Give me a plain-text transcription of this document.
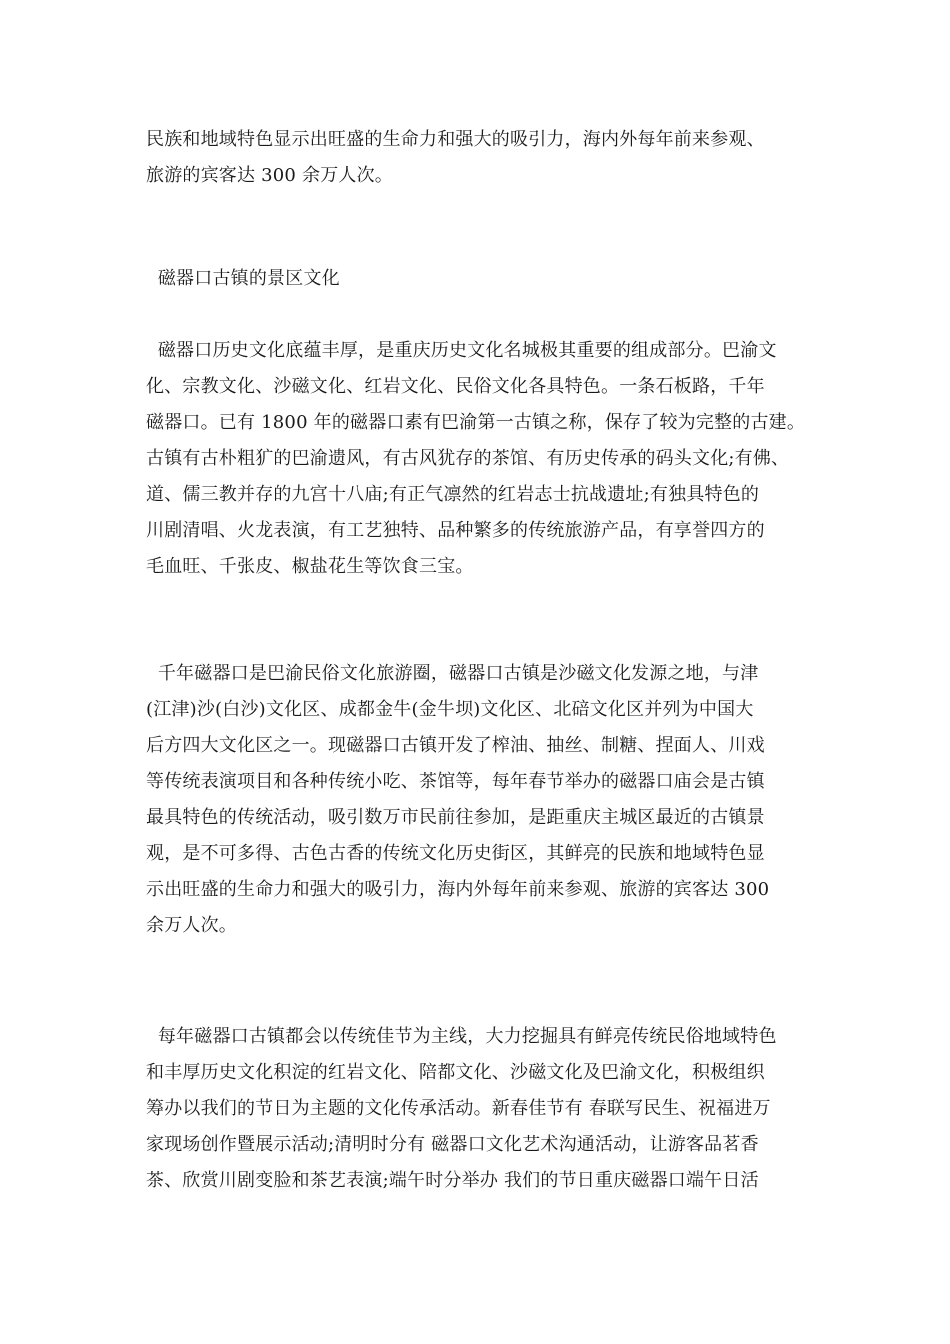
民族和地域特色显示出旺盛的生命力和强大的吸引力，海内外每年前来参观、
旅游的宾客达 300 余万人次。
磁器口古镇的景区文化
磁器口历史文化底蕴丰厚，是重庆历史文化名城极其重要的组成部分。巴渝文
化、宗教文化、沙磁文化、红岩文化、民俗文化各具特色。一条石板路，千年
磁器口。已有 1800 年的磁器口素有巴渝第一古镇之称，保存了较为完整的古建。
古镇有古朴粗犷的巴渝遗风，有古风犹存的茶馆、有历史传承的码头文化;有佛、
道、儒三教并存的九宫十八庙;有正气凛然的红岩志士抗战遗址;有独具特色的
川剧清唱、火龙表演，有工艺独特、品种繁多的传统旅游产品，有享誉四方的
毛血旺、千张皮、椒盐花生等饮食三宝。
千年磁器口是巴渝民俗文化旅游圈，磁器口古镇是沙磁文化发源之地，与津
(江津)沙(白沙)文化区、成都金牛(金牛坝)文化区、北碚文化区并列为中国大
后方四大文化区之一。现磁器口古镇开发了榨油、抽丝、制糖、捏面人、川戏
等传统表演项目和各种传统小吃、茶馆等，每年春节举办的磁器口庙会是古镇
最具特色的传统活动，吸引数万市民前往参加，是距重庆主城区最近的古镇景
观，是不可多得、古色古香的传统文化历史街区，其鲜亮的民族和地域特色显
示出旺盛的生命力和强大的吸引力，海内外每年前来参观、旅游的宾客达 300
余万人次。
每年磁器口古镇都会以传统佳节为主线，大力挖掘具有鲜亮传统民俗地域特色
和丰厚历史文化积淀的红岩文化、陪都文化、沙磁文化及巴渝文化，积极组织
筹办以我们的节日为主题的文化传承活动。新春佳节有 春联写民生、祝福进万
家现场创作暨展示活动;清明时分有 磁器口文化艺术沟通活动，让游客品茗香
茶、欣赏川剧变脸和茶艺表演;端午时分举办 我们的节日重庆磁器口端午日活
